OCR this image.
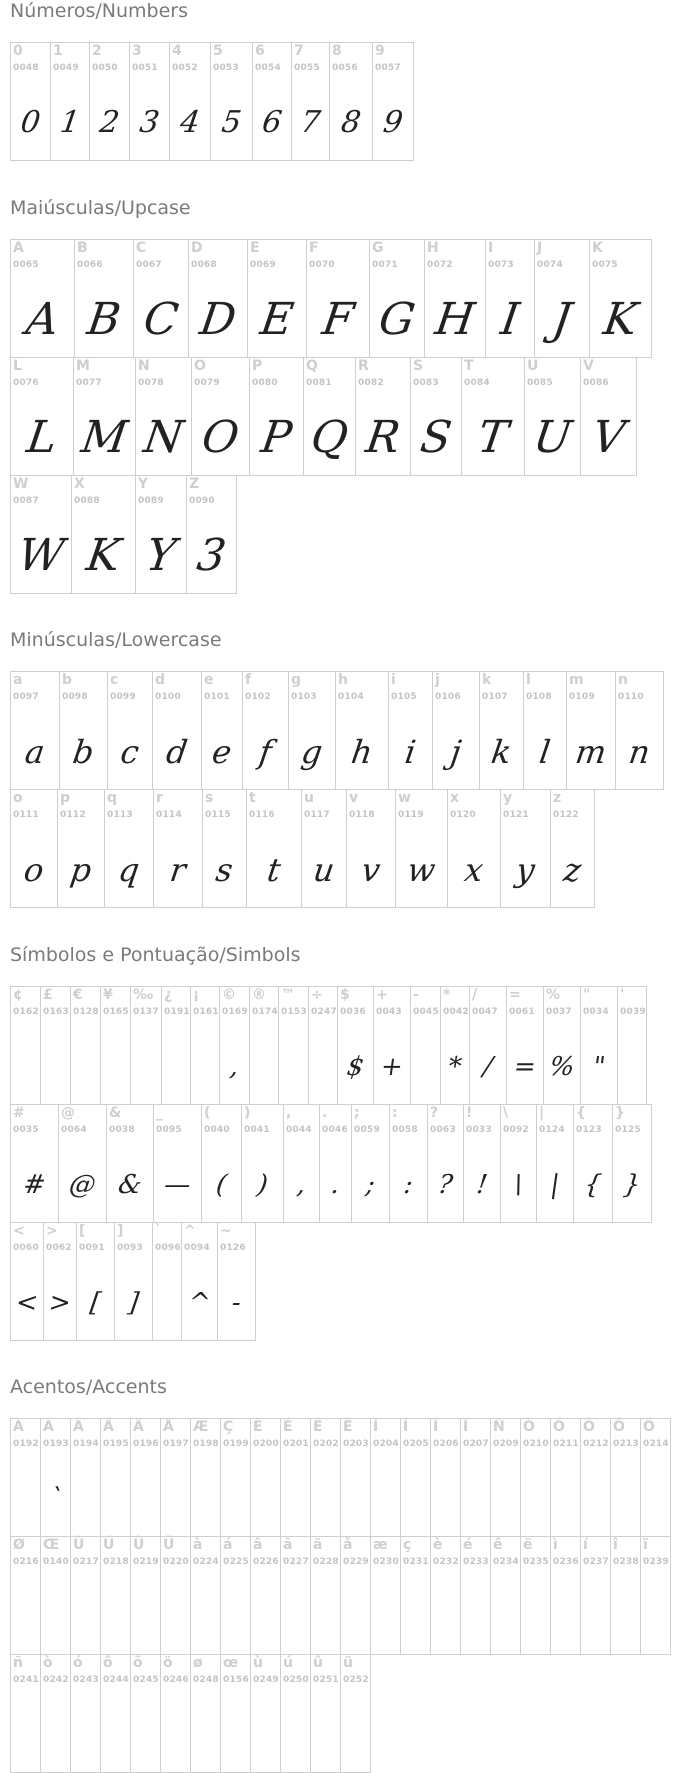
Números/Numbers
0
0048
0
1
0049
1
2
0050
2
3
0051
3
4
0052
4
5
0053
5
6
0054
6
7
0055
7
8
0056
8
9
0057
9
Maiúsculas/Upcase
A
0065
A
B
0066
B
C
0067
C
D
0068
D
E
0069
E
F
0070
F
G
0071
G
H
0072
H
I
0073
I
J
0074
J
K
0075
K
L
0076
L
M
0077
M
N
0078
N
O
0079
O
P
0080
P
Q
0081
Q
R
0082
R
S
0083
S
T
0084
T
U
0085
U
V
0086
V
W
0087
W
X
0088
K
Y
0089
Y
Z
0090
3
Minúsculas/Lowercase
a
0097
a
b
0098
b
c
0099
c
d
0100
d
e
0101
e
f
0102
f
g
0103
g
h
0104
h
i
0105
i
j
0106
j
k
0107
k
l
0108
l
m
0109
m
n
0110
n
o
0111
o
p
0112
p
q
0113
q
r
0114
r
s
0115
s
t
0116
t
u
0117
u
v
0118
v
w
0119
w
x
0120
x
y
0121
y
z
0122
z
Símbolos e Pontuação/Simbols
¢
0162
£
0163
€
0128
¥
0165
‰
0137
¿
0191
¡
0161
©
0169
,
®
0174
™
0153
÷
0247
$
0036
$
+
0043
+
-
0045
*
0042
*
/
0047
/
=
0061
=
%
0037
%
"
0034
"
'
0039
#
0035
#
@
0064
@
&
0038
&
_
0095
—
(
0040
(
)
0041
)
,
0044
,
.
0046
.
;
0059
;
:
0058
:
?
0063
?
!
0033
!
\
0092
\
|
0124
|
{
0123
{
}
0125
}
<
0060
<
>
0062
>
[
0091
[
]
0093
]
`
0096
^
0094
^
~
0126
-
Acentos/Accents
À
0192
Á
0193
`
Â
0194
Ã
0195
Ä
0196
Å
0197
Æ
0198
Ç
0199
È
0200
É
0201
Ê
0202
Ë
0203
Ì
0204
Í
0205
Î
0206
Ï
0207
Ñ
0209
Ò
0210
Ó
0211
Ô
0212
Õ
0213
Ö
0214
Ø
0216
Œ
0140
Ù
0217
Ú
0218
Û
0219
Ü
0220
à
0224
á
0225
â
0226
ã
0227
ä
0228
å
0229
æ
0230
ç
0231
è
0232
é
0233
ê
0234
ë
0235
ì
0236
í
0237
î
0238
ï
0239
ñ
0241
ò
0242
ó
0243
ô
0244
õ
0245
ö
0246
ø
0248
œ
0156
ù
0249
ú
0250
û
0251
ü
0252
